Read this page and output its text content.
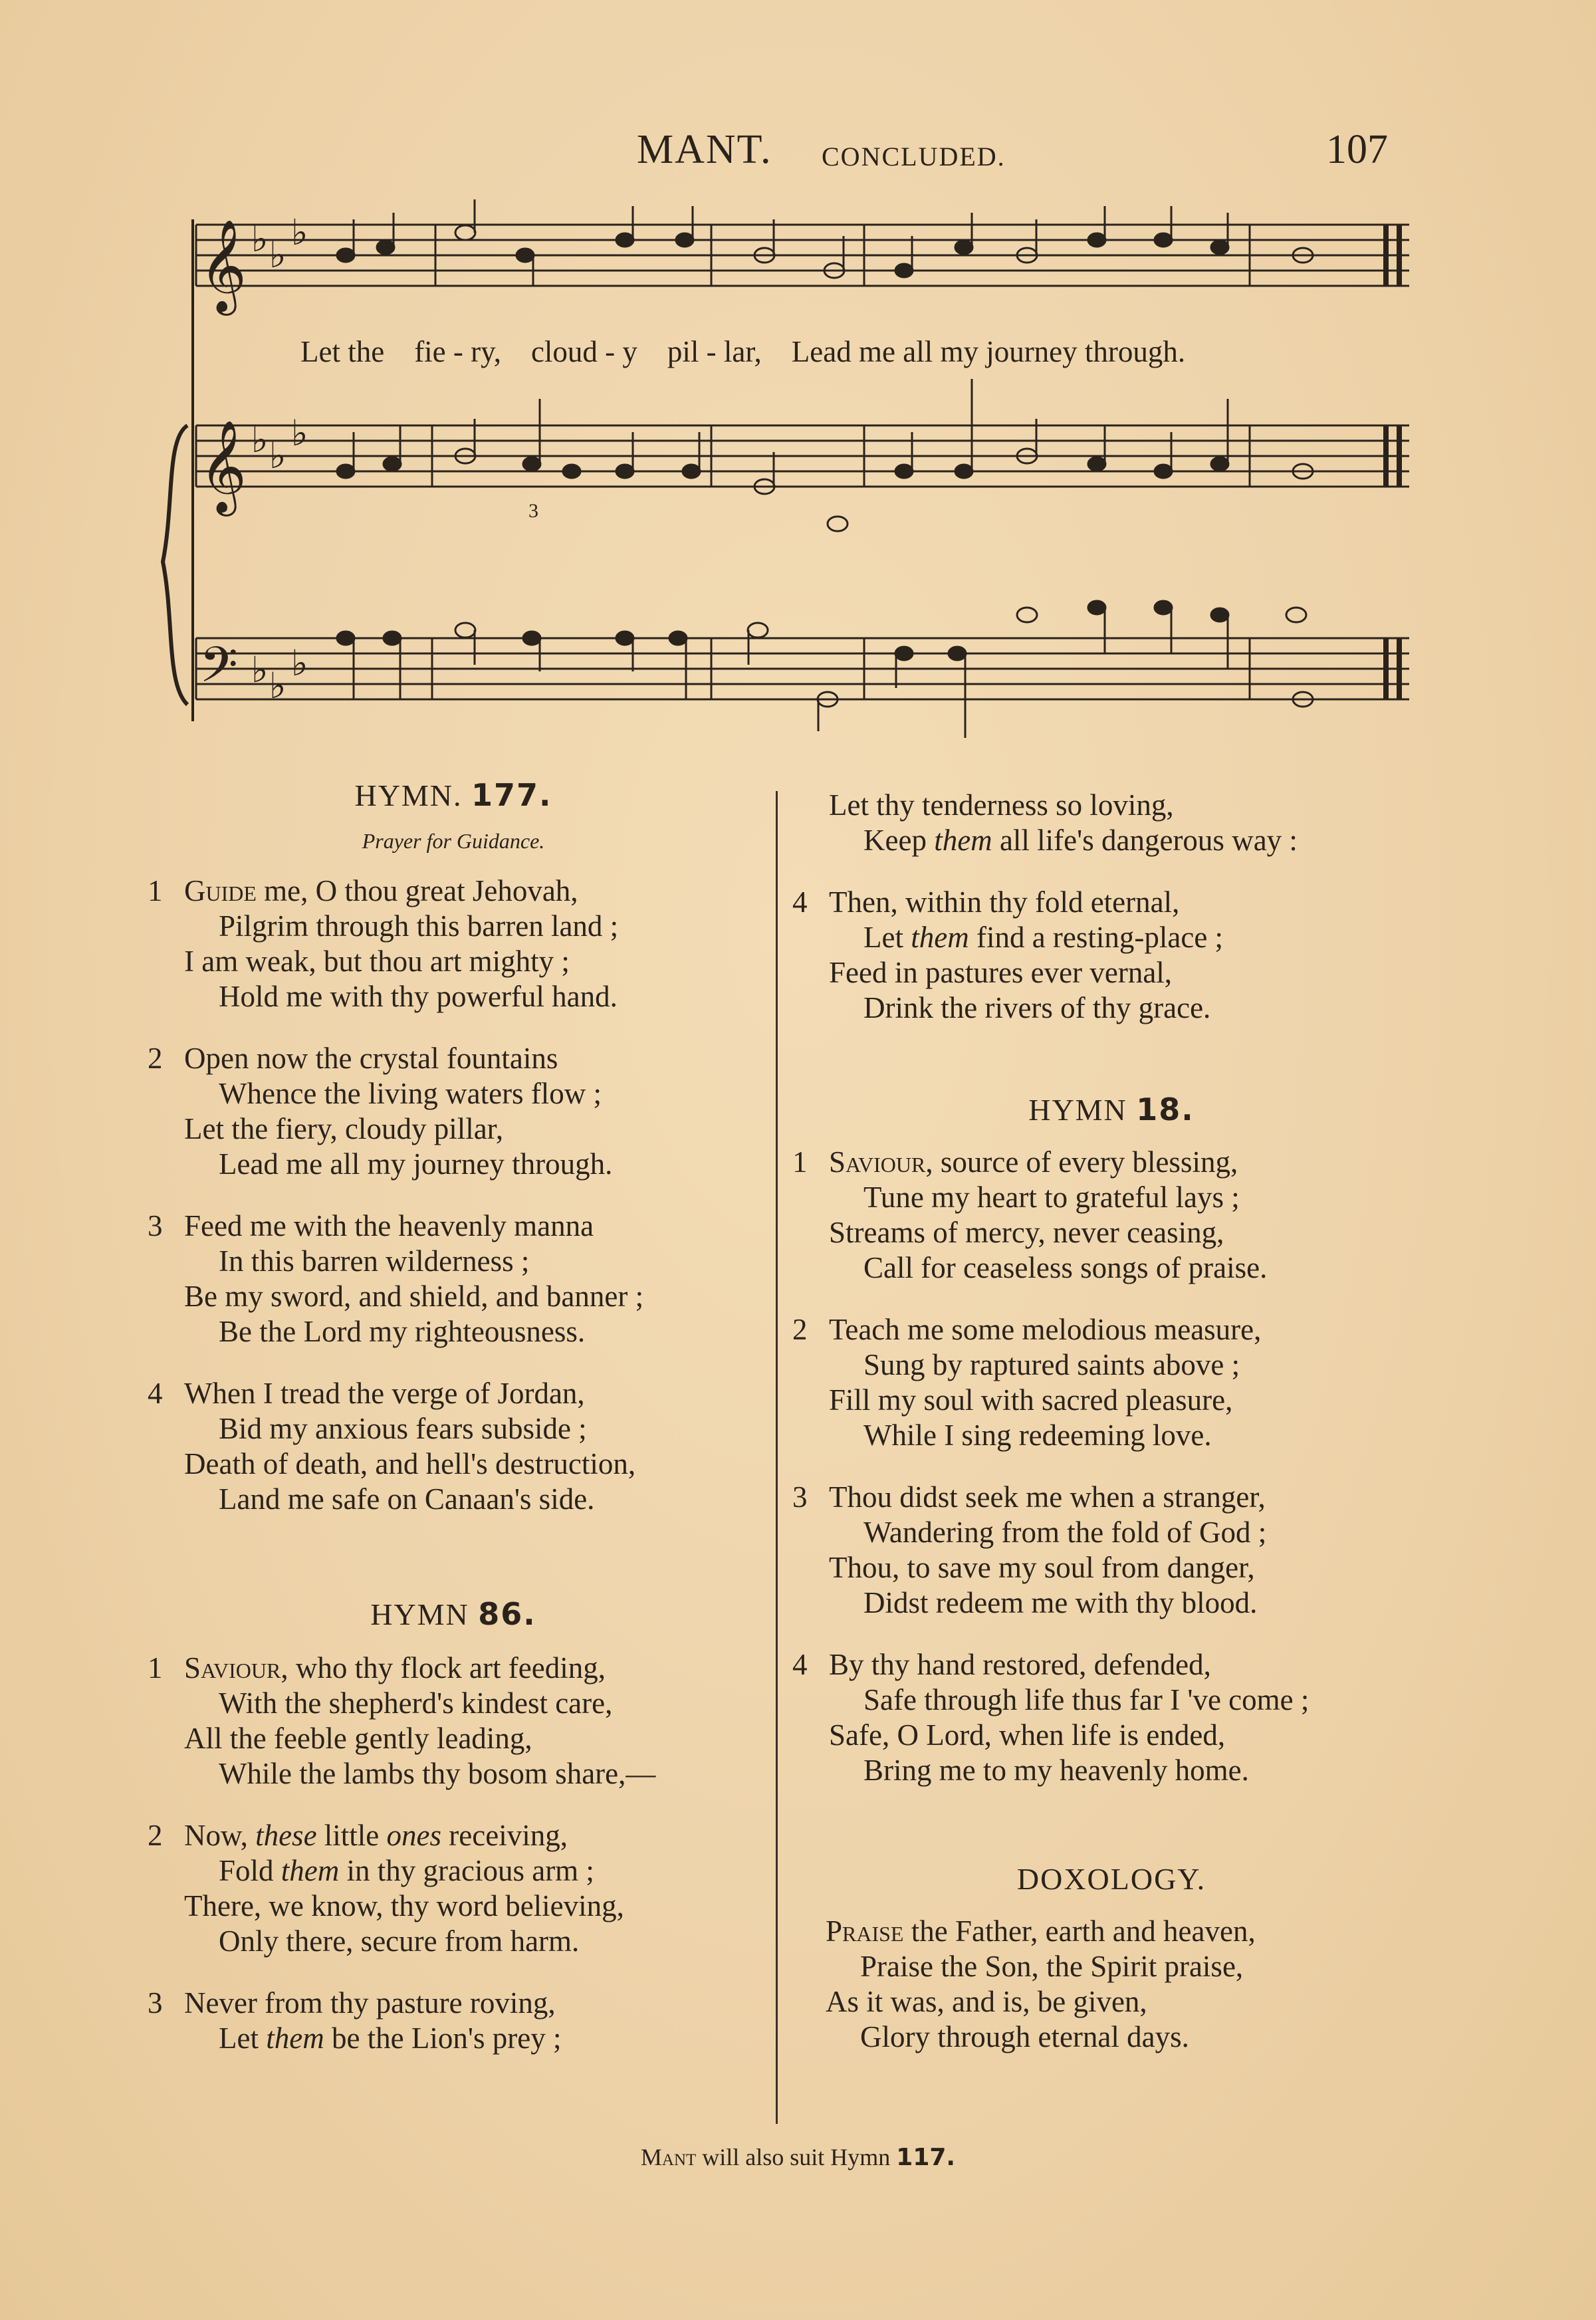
MANT. CONCLUDED.	107
𝄞
𝄞
𝄢
♭ ♭
♭
♭ ♭
♭
♭ ♭
♭
3
Let the    fie - ry,    cloud - y    pil - lar,    Lead me all my journey through.
HYMN. 177.
Prayer for Guidance.
1 Guide me, O thou great Jehovah,
Pilgrim through this barren land ;
I am weak, but thou art mighty ;
Hold me with thy powerful hand.
2 Open now the crystal fountains
Whence the living waters flow ;
Let the fiery, cloudy pillar,
Lead me all my journey through.
3 Feed me with the heavenly manna
In this barren wilderness ;
Be my sword, and shield, and banner ;
Be the Lord my righteousness.
4 When I tread the verge of Jordan,
Bid my anxious fears subside ;
Death of death, and hell's destruction,
Land me safe on Canaan's side.
HYMN 86.
1 Saviour, who thy flock art feeding,
With the shepherd's kindest care,
All the feeble gently leading,
While the lambs thy bosom share,—
2 Now, these little ones receiving,
Fold them in thy gracious arm ;
There, we know, thy word believing,
Only there, secure from harm.
3 Never from thy pasture roving,
Let them be the Lion's prey ;
Let thy tenderness so loving,
Keep them all life's dangerous way :
4 Then, within thy fold eternal,
Let them find a resting-place ;
Feed in pastures ever vernal,
Drink the rivers of thy grace.
HYMN 18.
1 Saviour, source of every blessing,
Tune my heart to grateful lays ;
Streams of mercy, never ceasing,
Call for ceaseless songs of praise.
2 Teach me some melodious measure,
Sung by raptured saints above ;
Fill my soul with sacred pleasure,
While I sing redeeming love.
3 Thou didst seek me when a stranger,
Wandering from the fold of God ;
Thou, to save my soul from danger,
Didst redeem me with thy blood.
4 By thy hand restored, defended,
Safe through life thus far I 've come ;
Safe, O Lord, when life is ended,
Bring me to my heavenly home.
DOXOLOGY.
Praise the Father, earth and heaven,
Praise the Son, the Spirit praise,
As it was, and is, be given,
Glory through eternal days.
Mant will also suit Hymn 117.
